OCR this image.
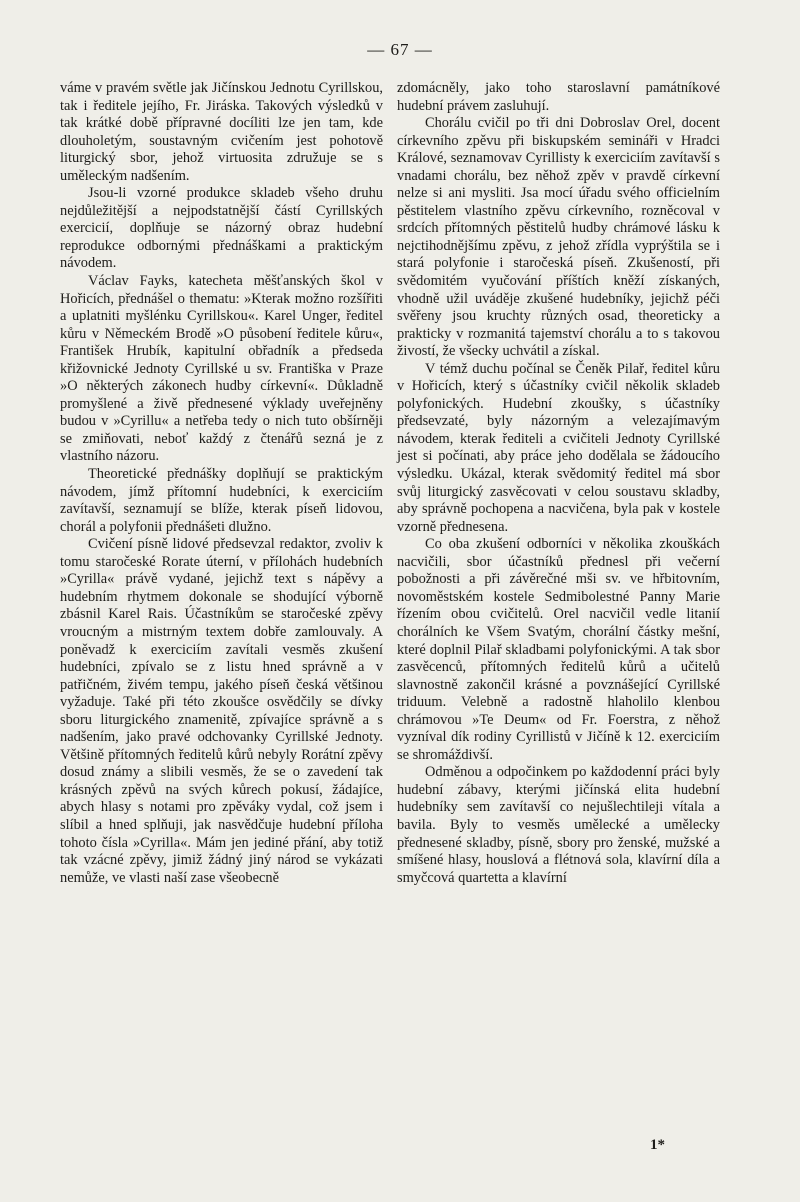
— 67 —

váme v pravém světle jak Jičínskou Jednotu Cyrillskou, tak i ředitele jejího, Fr. Jiráska. Takových výsledků v tak krátké době přípravné docíliti lze jen tam, kde dlouholetým, soustavným cvičením jest pohotově liturgický sbor, jehož virtuosita združuje se s uměleckým nadšením.

Jsou-li vzorné produkce skladeb všeho druhu nejdůležitější a nejpodstatnější částí Cyrillských exercicií, doplňuje se názorný obraz hudební reprodukce odbornými přednáškami a praktickým návodem.

Václav Fayks, katecheta měšťanských škol v Hořicích, přednášel o thematu: »Kterak možno rozšířiti a uplatniti myšlénku Cyrillskou«. Karel Unger, ředitel kůru v Německém Brodě »O působení ředitele kůru«, František Hrubík, kapitulní obřadník a předseda křižovnické Jednoty Cyrillské u sv. Františka v Praze »O některých zákonech hudby církevní«. Důkladně promyšlené a živě přednesené výklady uveřejněny budou v »Cyrillu« a netřeba tedy o nich tuto obšírněji se zmiňovati, neboť každý z čtenářů sezná je z vlastního názoru.

Theoretické přednášky doplňují se praktickým návodem, jímž přítomní hudebníci, k exerciciím zavítavší, seznamují se blíže, kterak píseň lidovou, chorál a polyfonii přednášeti dlužno.

Cvičení písně lidové předsevzal redaktor, zvoliv k tomu staročeské Rorate úterní, v přílohách hudebních »Cyrilla« právě vydané, jejichž text s nápěvy a hudebním rhytmem dokonale se shodující výborně zbásnil Karel Rais. Účastníkům se staročeské zpěvy vroucným a mistrným textem dobře zamlouvaly. A poněvadž k exerciciím zavítali vesměs zkušení hudebníci, zpívalo se z listu hned správně a v patřičném, živém tempu, jakého píseň česká většinou vyžaduje. Také při této zkoušce osvědčily se dívky sboru liturgického znamenitě, zpívajíce správně a s nadšením, jako pravé odchovanky Cyrillské Jednoty. Většině přítomných ředitelů kůrů nebyly Rorátní zpěvy dosud známy a slibili vesměs, že se o zavedení tak krásných zpěvů na svých kůrech pokusí, žádajíce, abych hlasy s notami pro zpěváky vydal, což jsem i slíbil a hned splňuji, jak nasvědčuje hudební příloha tohoto čísla »Cyrilla«. Mám jen jediné přání, aby totiž tak vzácné zpěvy, jimiž žádný jiný národ se vykázati nemůže, ve vlasti naší zase všeobecně

zdomácněly, jako toho staroslavní památníkové hudební právem zasluhují.

Chorálu cvičil po tři dni Dobroslav Orel, docent církevního zpěvu při biskupském semináři v Hradci Králové, seznamovav Cyrillisty k exerciciím zavítavší s vnadami chorálu, bez něhož zpěv v pravdě církevní nelze si ani mysliti. Jsa mocí úřadu svého officielním pěstitelem vlastního zpěvu církevního, rozněcoval v srdcích přítomných pěstitelů hudby chrámové lásku k nejctihodnějšímu zpěvu, z jehož zřídla vyprýštila se i stará polyfonie i staročeská píseň. Zkušeností, při svědomitém vyučování příštích kněží získaných, vhodně užil uváděje zkušené hudebníky, jejichž péči svěřeny jsou kruchty různých osad, theoreticky a prakticky v rozmanitá tajemství chorálu a to s takovou živostí, že všecky uchvátil a získal.

V témž duchu počínal se Čeněk Pilař, ředitel kůru v Hořicích, který s účastníky cvičil několik skladeb polyfonických. Hudební zkoušky, s účastníky předsevzaté, byly názorným a velezajímavým návodem, kterak řediteli a cvičiteli Jednoty Cyrillské jest si počínati, aby práce jeho dodělala se žádoucího výsledku. Ukázal, kterak svědomitý ředitel má sbor svůj liturgický zasvěcovati v celou soustavu skladby, aby správně pochopena a nacvičena, byla pak v kostele vzorně přednesena.

Co oba zkušení odborníci v několika zkouškách nacvičili, sbor účastníků přednesl při večerní pobožnosti a při závěrečné mši sv. ve hřbitovním, novoměstském kostele Sedmibolestné Panny Marie řízením obou cvičitelů. Orel nacvičil vedle litanií chorálních ke Všem Svatým, chorální částky mešní, které doplnil Pilař skladbami polyfonickými. A tak sbor zasvěcenců, přítomných ředitelů kůrů a učitelů slavnostně zakončil krásné a povznášející Cyrillské triduum. Velebně a radostně hlaholilo klenbou chrámovou »Te Deum« od Fr. Foerstra, z něhož vyzníval dík rodiny Cyrillistů v Jičíně k 12. exerciciím se shromáždivší.

Odměnou a odpočinkem po každodenní práci byly hudební zábavy, kterými jičínská elita hudební hudebníky sem zavítavší co nejušlechtileji vítala a bavila. Byly to vesměs umělecké a umělecky přednesené skladby, písně, sbory pro ženské, mužské a smíšené hlasy, houslová a flétnová sola, klavírní díla a smyčcová quartetta a klavírní

1*
